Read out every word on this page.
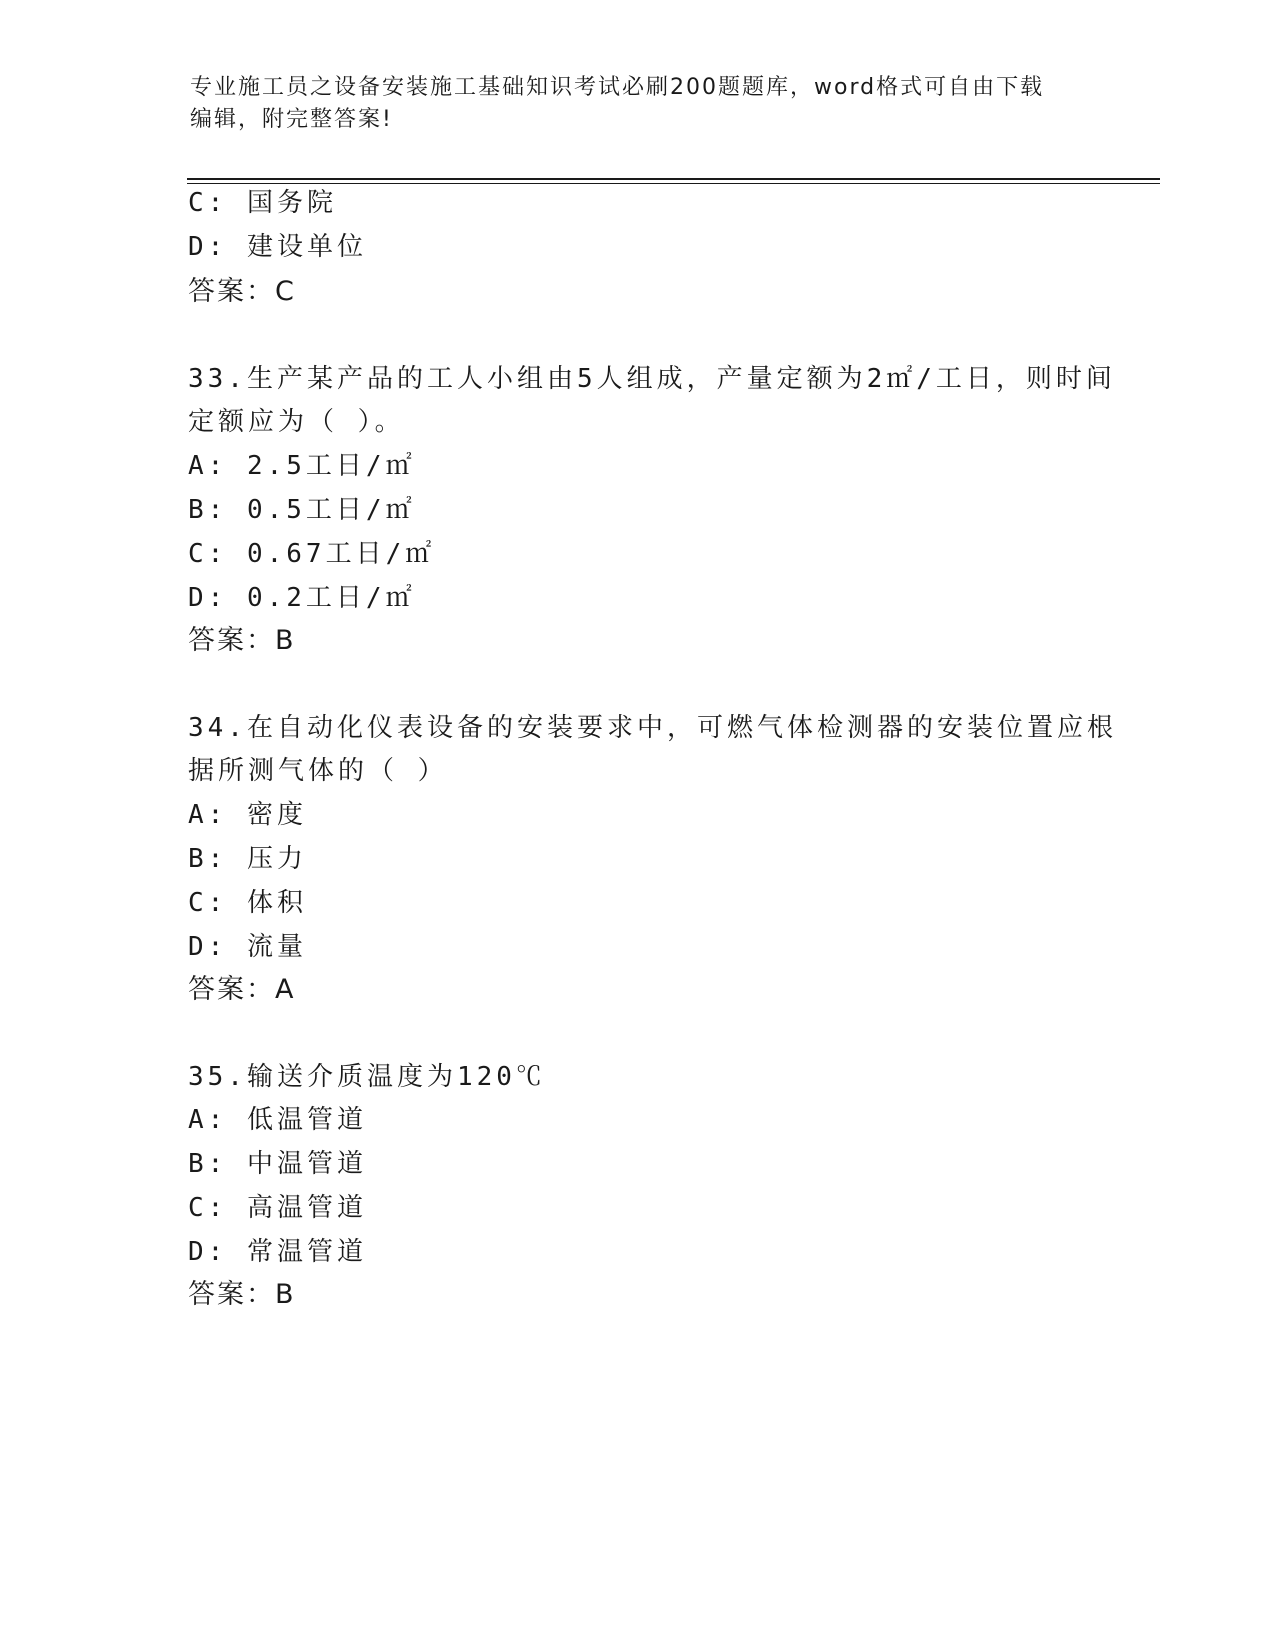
专业施工员之设备安装施工基础知识考试必刷200题题库，word格式可自由下载
编辑，附完整答案!
C: 国务院
D: 建设单位
答案：C
33.生产某产品的工人小组由5人组成，产量定额为2㎡/工日，则时间
定额应为（ ）。
A: 2.5工日/㎡
B: 0.5工日/㎡
C: 0.67工日/㎡
D: 0.2工日/㎡
答案：B
34.在自动化仪表设备的安装要求中，可燃气体检测器的安装位置应根
据所测气体的（ ）
A: 密度
B: 压力
C: 体积
D: 流量
答案：A
35.输送介质温度为120℃
A: 低温管道
B: 中温管道
C: 高温管道
D: 常温管道
答案：B
